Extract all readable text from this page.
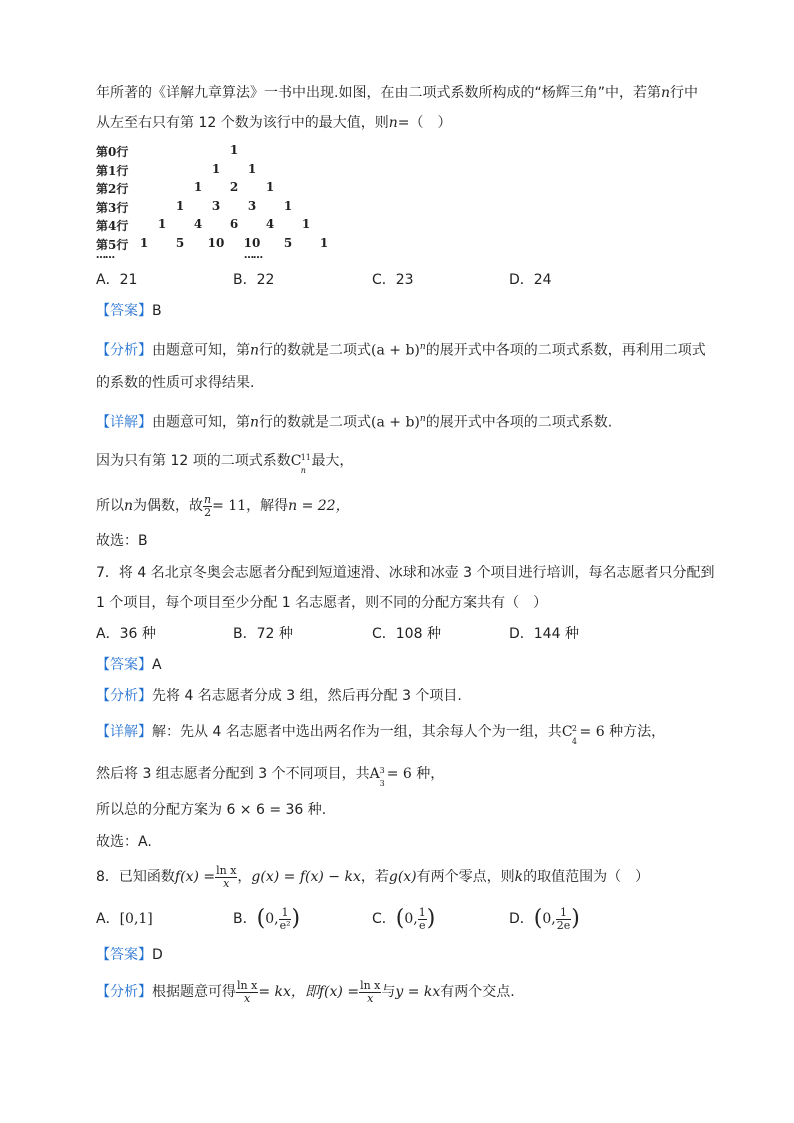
年所著的《详解九章算法》一书中出现.如图，在由二项式系数所构成的“杨辉三角”中，若第n行中
从左至右只有第 12 个数为该行中的最大值，则n=（　）
第0行	1
第1行	1 1
第2行	1 2 1
第3行	1 3 3 1
第4行 1 4 6 4 1
第5行 1 5 10 10 5 1
……	……
A．21	B．22	C．23	D．24
【答案】B
【分析】由题意可知，第n行的数就是二项式$(a + b)^n$的展开式中各项的二项式系数，再利用二项式
的系数的性质可求得结果.
【详解】由题意可知，第n行的数就是二项式$(a + b)^n$的展开式中各项的二项式系数.
因为只有第 12 项的二项式系数C 11
n
最大，
所以n为偶数，故 $\frac{n}{2} = 11$，解得n = 22，
故选：B
7．将 4 名北京冬奥会志愿者分配到短道速滑、冰球和冰壶 3 个项目进行培训，每名志愿者只分配到
1 个项目，每个项目至少分配 1 名志愿者，则不同的分配方案共有（　）
A．36 种	B．72 种	C．108 种	D．144 种
【答案】A
【分析】先将 4 名志愿者分成 3 组，然后再分配 3 个项目.
【详解】解：先从 4 名志愿者中选出两名作为一组，其余每人个为一组，共C 2
4
= 6 种方法，
然后将 3 组志愿者分配到 3 个不同项目，共A 3
3
= 6 种，
所以总的分配方案为 6 × 6 = 36 种.
故选：A.
8．已知函数$f(x) = \frac{\text{ln x}}{x}$ ，g(x) = f(x) − kx，若g(x)有两个零点，则k的取值范围为（　）
A．[0,1]	B．(0, $\frac{1}{\text{e²}}$ )	C．(0, $\frac{1}{e}$ )	D．(0, $\frac{1}{2e}$ )
【答案】D
【分析】根据题意可得 $\frac{\text{ln x}}{x}$ = kx，即$f(x) = \frac{\text{ln x}}{x}$ 与y = kx有两个交点.
